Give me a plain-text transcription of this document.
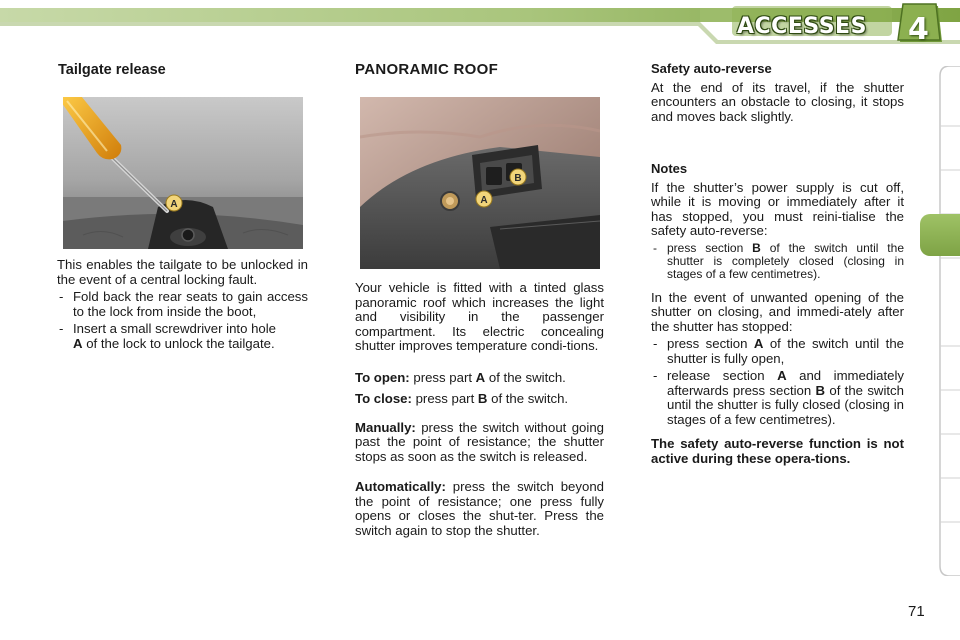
ACCESSES 4
Tailgate release
A

This enables the tailgate to be unlocked in the event of a central locking fault.

- Fold back the rear seats to gain access to the lock from inside the boot,
- Insert a small screwdriver into hole
A of the lock to unlock the tailgate.
PANORAMIC ROOF
B
A

Your vehicle is fitted with a tinted glass panoramic roof which increases the light and visibility in the passenger compartment. Its electric concealing shutter improves temperature condi-tions.

To open: press part A of the switch.

To close: press part B of the switch.

Manually: press the switch without going past the point of resistance; the shutter stops as soon as the switch is released.

Automatically: press the switch beyond the point of resistance; one press fully opens or closes the shut-ter. Press the switch again to stop the shutter.

Safety auto-reverse

At the end of its travel, if the shutter encounters an obstacle to closing, it stops and moves back slightly.

Notes

If the shutter’s power supply is cut off, while it is moving or immediately after it has stopped, you must reini-tialise the safety auto-reverse:

- press section B of the switch until the shutter is completely closed (closing in stages of a few centimetres).

In the event of unwanted opening of the shutter on closing, and immedi-ately after the shutter has stopped:

- press section A of the switch until the shutter is fully open,
- release section A and immediately afterwards press section B of the switch until the shutter is fully closed (closing in stages of a few centimetres).

The safety auto-reverse function is not active during these opera-tions.

71
